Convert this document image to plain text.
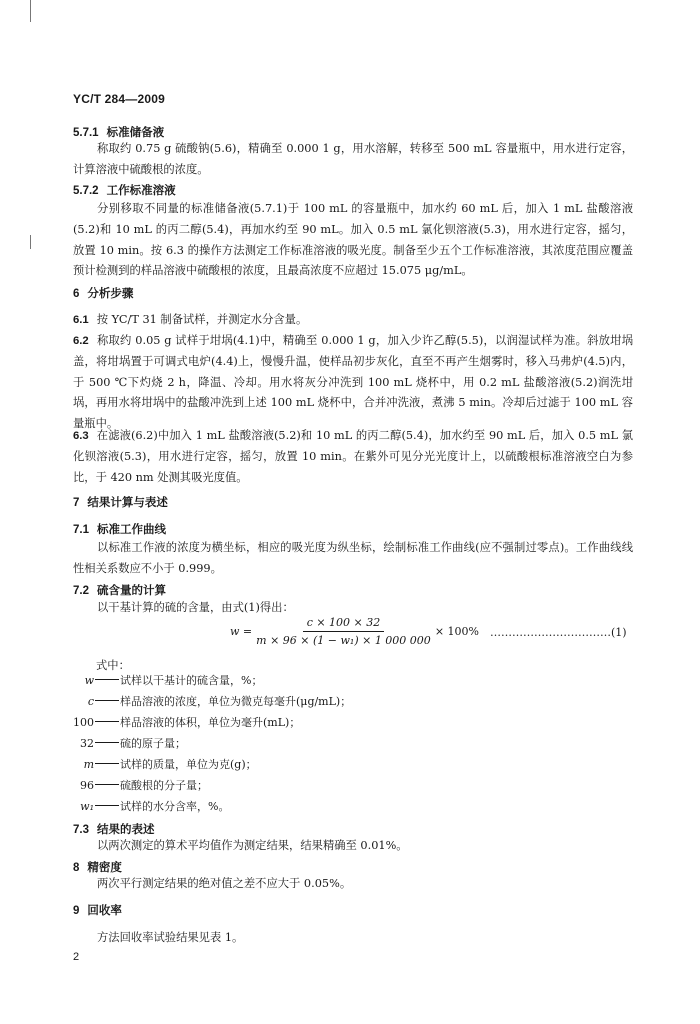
YC/T 284—2009
5.7.1 标准储备液
称取约 0.75 g 硫酸钠(5.6)，精确至 0.000 1 g，用水溶解，转移至 500 mL 容量瓶中，用水进行定容，计算溶液中硫酸根的浓度。
5.7.2 工作标准溶液
分别移取不同量的标准储备液(5.7.1)于 100 mL 的容量瓶中，加水约 60 mL 后，加入 1 mL 盐酸溶液(5.2)和 10 mL 的丙二醇(5.4)，再加水约至 90 mL。加入 0.5 mL 氯化钡溶液(5.3)，用水进行定容，摇匀，放置 10 min。按 6.3 的操作方法测定工作标准溶液的吸光度。制备至少五个工作标准溶液，其浓度范围应覆盖预计检测到的样品溶液中硫酸根的浓度，且最高浓度不应超过 15.075 μg/mL。
6 分析步骤
6.1 按 YC/T 31 制备试样，并测定水分含量。
6.2 称取约 0.05 g 试样于坩埚(4.1)中，精确至 0.000 1 g，加入少许乙醇(5.5)，以润湿试样为准。斜放坩埚盖，将坩埚置于可调式电炉(4.4)上，慢慢升温，使样品初步灰化，直至不再产生烟雾时，移入马弗炉(4.5)内，于 500 ℃下灼烧 2 h，降温、冷却。用水将灰分冲洗到 100 mL 烧杯中，用 0.2 mL 盐酸溶液(5.2)润洗坩埚，再用水将坩埚中的盐酸冲洗到上述 100 mL 烧杯中，合并冲洗液，煮沸 5 min。冷却后过滤于 100 mL 容量瓶中。
6.3 在滤液(6.2)中加入 1 mL 盐酸溶液(5.2)和 10 mL 的丙二醇(5.4)，加水约至 90 mL 后，加入 0.5 mL 氯化钡溶液(5.3)，用水进行定容，摇匀，放置 10 min。在紫外可见分光光度计上，以硫酸根标准溶液空白为参比，于 420 nm 处测其吸光度值。
7 结果计算与表述
7.1 标准工作曲线
以标准工作液的浓度为横坐标，相应的吸光度为纵坐标，绘制标准工作曲线(应不强制过零点)。工作曲线线性相关系数应不小于 0.999。
7.2 硫含量的计算
以干基计算的硫的含量，由式(1)得出：
$w = \frac{c \times 100 \times 32}{\text{m × 96 × (1 − w₁) × 1 000 000}} \times 100\%$ ……………………………(1)
式中：
w 试样以干基计的硫含量，%；
c 样品溶液的浓度，单位为微克每毫升(μg/mL)；
100 样品溶液的体积，单位为毫升(mL)；
32 硫的原子量；
m 试样的质量，单位为克(g)；
96 硫酸根的分子量；
w₁ 试样的水分含率，%。
7.3 结果的表述
以两次测定的算术平均值作为测定结果，结果精确至 0.01%。
8 精密度
两次平行测定结果的绝对值之差不应大于 0.05%。
9 回收率
方法回收率试验结果见表 1。
2
